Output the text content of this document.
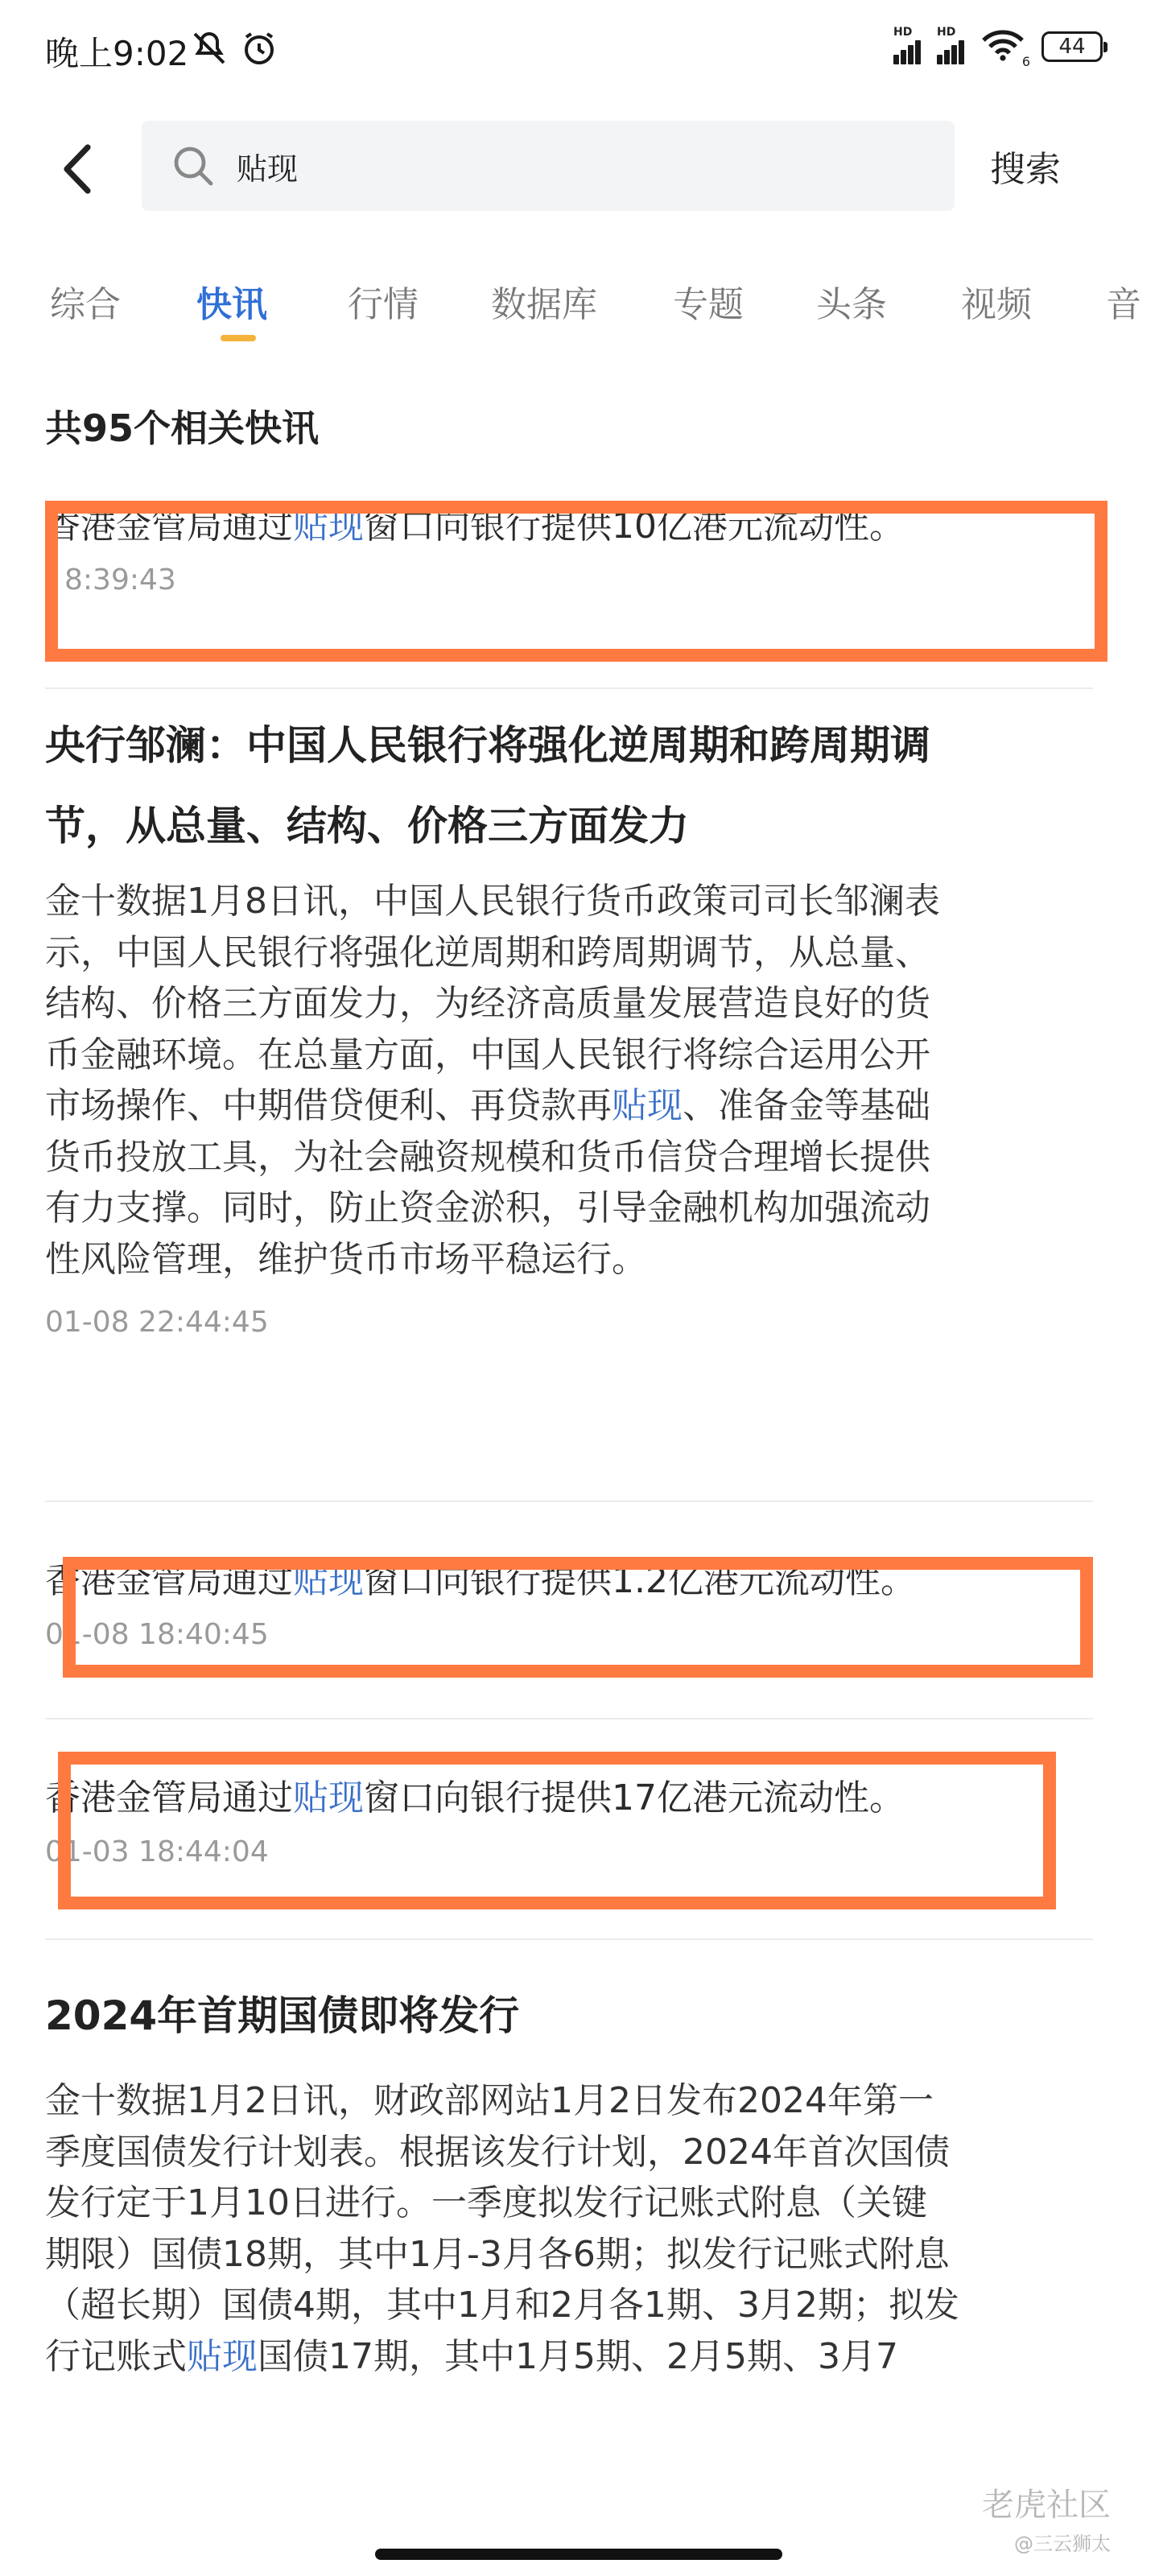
晚上9:02
HD HD
6
44
贴现
搜索
综合 快讯 行情 数据库 专题 头条 视频 音
共95个相关快讯
香港金管局通过贴现窗口向银行提供10亿港元流动性。
8:39:43
央行邹澜：中国人民银行将强化逆周期和跨周期调
节，从总量、结构、价格三方面发力
金十数据1月8日讯，中国人民银行货币政策司司长邹澜表
示，中国人民银行将强化逆周期和跨周期调节，从总量、
结构、价格三方面发力，为经济高质量发展营造良好的货
币金融环境。在总量方面，中国人民银行将综合运用公开
市场操作、中期借贷便利、再贷款再贴现、准备金等基础
货币投放工具，为社会融资规模和货币信贷合理增长提供
有力支撑。同时，防止资金淤积，引导金融机构加强流动
性风险管理，维护货币市场平稳运行。
01-08 22:44:45
香港金管局通过贴现窗口向银行提供1.2亿港元流动性。
01-08 18:40:45
香港金管局通过贴现窗口向银行提供17亿港元流动性。
01-03 18:44:04
2024年首期国债即将发行
金十数据1月2日讯，财政部网站1月2日发布2024年第一
季度国债发行计划表。根据该发行计划，2024年首次国债
发行定于1月10日进行。一季度拟发行记账式附息（关键
期限）国债18期，其中1月-3月各6期；拟发行记账式附息
（超长期）国债4期，其中1月和2月各1期、3月2期；拟发
行记账式贴现国债17期，其中1月5期、2月5期、3月7
老虎社区
@三云狮太
